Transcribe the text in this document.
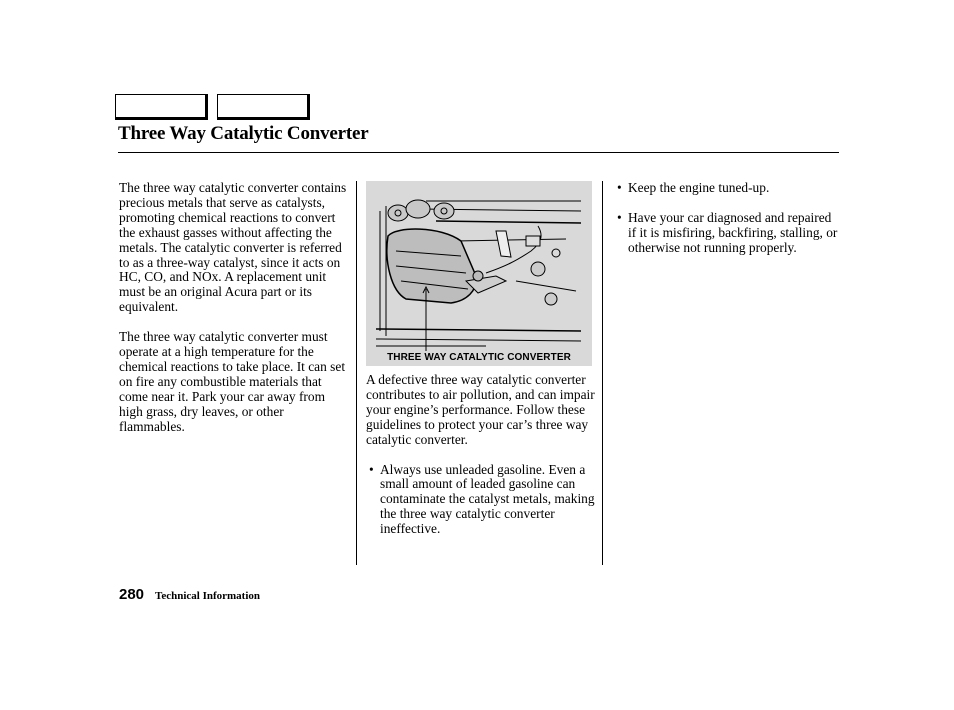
Three Way Catalytic Converter

The three way catalytic converter contains precious metals that serve as catalysts, promoting chemical reactions to convert the exhaust gasses without affecting the metals. The catalytic converter is referred to as a three-way catalyst, since it acts on HC, CO, and NOx. A replacement unit must be an original Acura part or its equivalent.

The three way catalytic converter must operate at a high temperature for the chemical reactions to take place. It can set on fire any combustible materials that come near it. Park your car away from high grass, dry leaves, or other flammables.

THREE WAY CATALYTIC CONVERTER

A defective three way catalytic converter contributes to air pollution, and can impair your engine’s performance. Follow these guidelines to protect your car’s three way catalytic converter.

• Always use unleaded gasoline. Even a small amount of leaded gasoline can contaminate the catalyst metals, making the three way catalytic converter ineffective.
• Keep the engine tuned-up.
• Have your car diagnosed and repaired if it is misfiring, backfiring, stalling, or otherwise not running properly.
280 Technical Information
